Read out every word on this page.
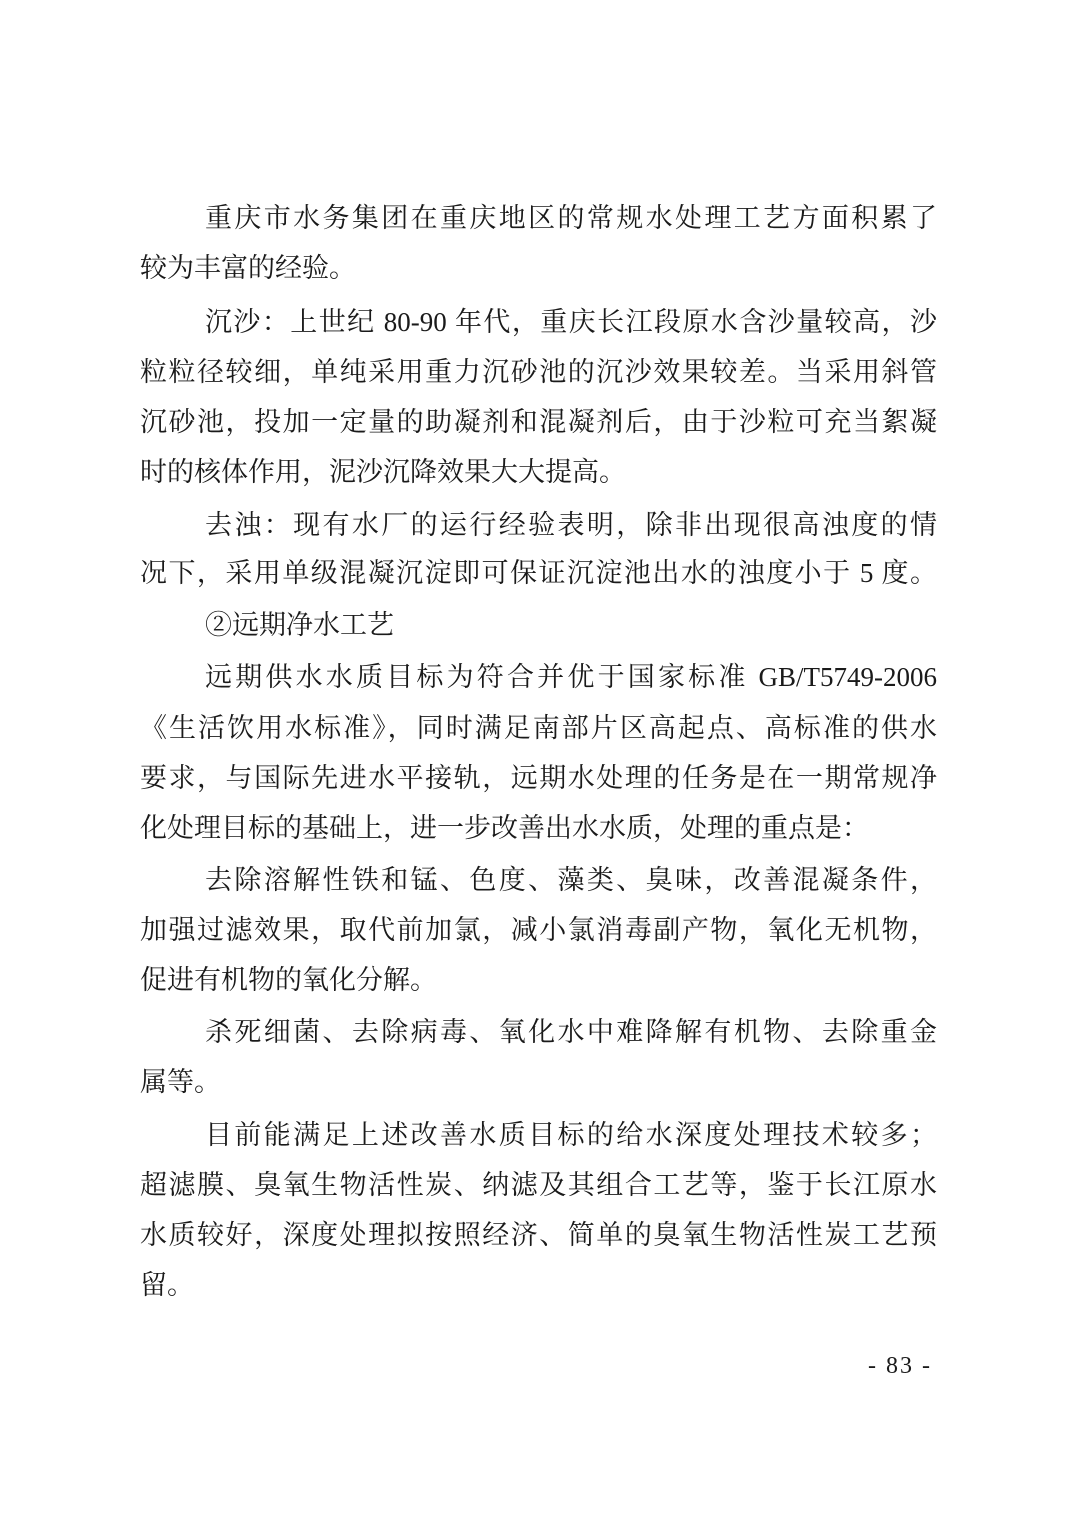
重庆市水务集团在重庆地区的常规水处理工艺方面积累了
较为丰富的经验。
沉沙：上世纪 80-90 年代，重庆长江段原水含沙量较高，沙
粒粒径较细，单纯采用重力沉砂池的沉沙效果较差。当采用斜管
沉砂池，投加一定量的助凝剂和混凝剂后，由于沙粒可充当絮凝
时的核体作用，泥沙沉降效果大大提高。
去浊：现有水厂的运行经验表明，除非出现很高浊度的情
况下，采用单级混凝沉淀即可保证沉淀池出水的浊度小于 5 度。
②远期净水工艺
远期供水水质目标为符合并优于国家标准 GB/T5749-2006
《生活饮用水标准》，同时满足南部片区高起点、高标准的供水
要求，与国际先进水平接轨，远期水处理的任务是在一期常规净
化处理目标的基础上，进一步改善出水水质，处理的重点是：
去除溶解性铁和锰、色度、藻类、臭味，改善混凝条件，
加强过滤效果，取代前加氯，减小氯消毒副产物，氧化无机物，
促进有机物的氧化分解。
杀死细菌、去除病毒、氧化水中难降解有机物、去除重金
属等。
目前能满足上述改善水质目标的给水深度处理技术较多；
超滤膜、臭氧生物活性炭、纳滤及其组合工艺等，鉴于长江原水
水质较好，深度处理拟按照经济、简单的臭氧生物活性炭工艺预
留。
- 83 -
